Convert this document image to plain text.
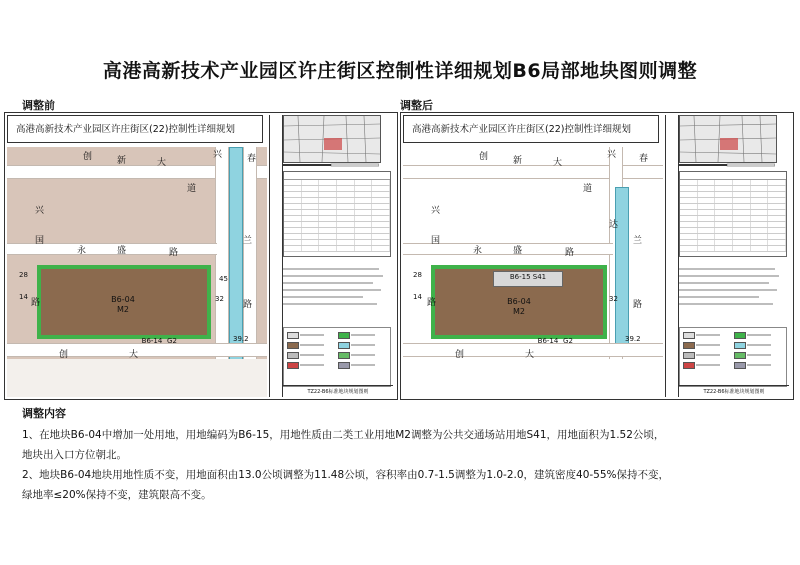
高港高新技术产业园区许庄街区控制性详细规划B6局部地块图则调整
调整前	调整后
高港高新技术产业园区许庄街区(22)控制性详细规划
创	新	大
兴	春
道
兴
国
永	盛	路
兰
路
路
创	大
B6-04
M2
B6-14 G2
45
39.2
14
28
32
TZ22-B6标准地块规划图则
高港高新技术产业园区许庄街区(22)控制性详细规划
创	新	大
兴	春
道
兴
国
永	盛	路
达
兰
路
路
创	大
B6-15 S41
B6-04
M2
B6-14 G2	39.2
14
28
32
TZ22-B6标准地块规划图则
调整内容
1、在地块B6-04中增加一处用地，用地编码为B6-15，用地性质由二类工业用地M2调整为公共交通场站用地S41，用地面积为1.52公顷，
地块出入口方位朝北。
2、地块B6-04地块用地性质不变，用地面积由13.0公顷调整为11.48公顷，容积率由0.7-1.5调整为1.0-2.0，建筑密度40-55%保持不变，
绿地率≤20%保持不变，建筑限高不变。
